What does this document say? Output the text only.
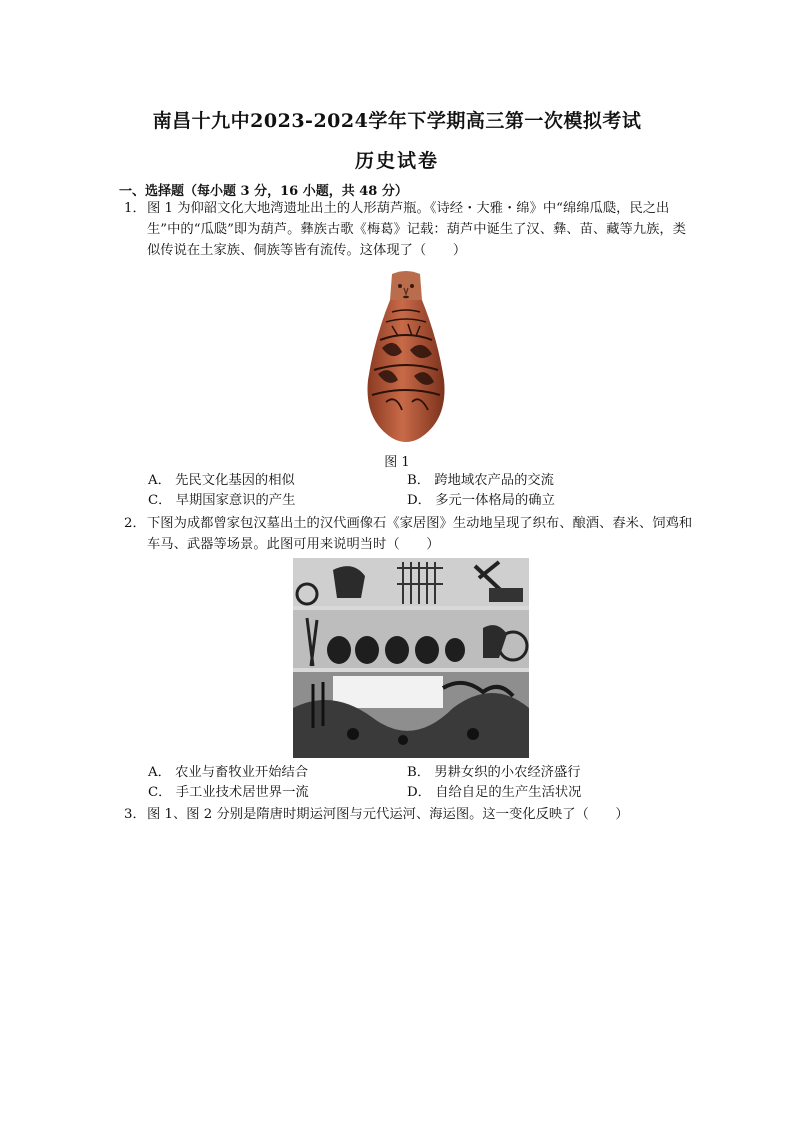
南昌十九中2023-2024学年下学期高三第一次模拟考试
历史试卷
一、选择题（每小题 3 分，16 小题，共 48 分）
1． 图 1 为仰韶文化大地湾遗址出土的人形葫芦瓶。《诗经・大雅・绵》中“绵绵瓜瓞，民之出生”中的“瓜瓞”即为葫芦。彝族古歌《梅葛》记载：葫芦中诞生了汉、彝、苗、藏等九族，类似传说在土家族、侗族等皆有流传。这体现了（　　）
图 1
A． 先民文化基因的相似	B． 跨地域农产品的交流
C． 早期国家意识的产生	D． 多元一体格局的确立
2． 下图为成都曾家包汉墓出土的汉代画像石《家居图》生动地呈现了织布、酿酒、舂米、饲鸡和车马、武器等场景。此图可用来说明当时（　　）
A． 农业与畜牧业开始结合	B． 男耕女织的小农经济盛行
C． 手工业技术居世界一流	D． 自给自足的生产生活状况
3． 图 1、图 2 分别是隋唐时期运河图与元代运河、海运图。这一变化反映了（　　）
